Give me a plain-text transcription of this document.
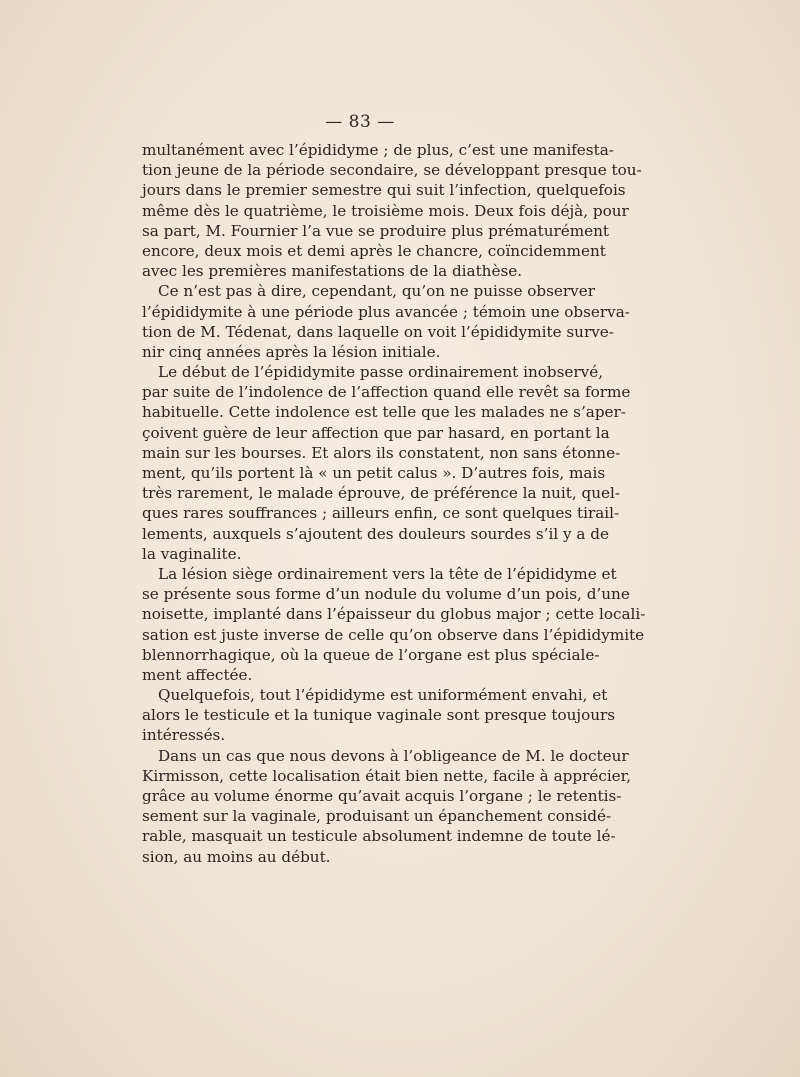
— 83 —
multanément avec l’épididyme ; de plus, c’est une manifesta-
tion jeune de la période secondaire, se développant presque tou-
jours dans le premier semestre qui suit l’infection, quelquefois
même dès le quatrième, le troisième mois. Deux fois déjà, pour
sa part, M. Fournier l’a vue se produire plus prématurément
encore, deux mois et demi après le chancre, coïncidemment
avec les premières manifestations de la diathèse.
Ce n’est pas à dire, cependant, qu’on ne puisse observer
l’épididymite à une période plus avancée ; témoin une observa-
tion de M. Tédenat, dans laquelle on voit l’épididymite surve-
nir cinq années après la lésion initiale.
Le début de l’épididymite passe ordinairement inobservé,
par suite de l’indolence de l’affection quand elle revêt sa forme
habituelle. Cette indolence est telle que les malades ne s’aper-
çoivent guère de leur affection que par hasard, en portant la
main sur les bourses. Et alors ils constatent, non sans étonne-
ment, qu’ils portent là « un petit calus ». D’autres fois, mais
très rarement, le malade éprouve, de préférence la nuit, quel-
ques rares souffrances ; ailleurs enfin, ce sont quelques tirail-
lements, auxquels s’ajoutent des douleurs sourdes s’il y a de
la vaginalite.
La lésion siège ordinairement vers la tête de l’épididyme et
se présente sous forme d’un nodule du volume d’un pois, d’une
noisette, implanté dans l’épaisseur du globus major ; cette locali-
sation est juste inverse de celle qu’on observe dans l’épididymite
blennorrhagique, où la queue de l’organe est plus spéciale-
ment affectée.
Quelquefois, tout l’épididyme est uniformément envahi, et
alors le testicule et la tunique vaginale sont presque toujours
intéressés.
Dans un cas que nous devons à l’obligeance de M. le docteur
Kirmisson, cette localisation était bien nette, facile à apprécier,
grâce au volume énorme qu’avait acquis l’organe ; le retentis-
sement sur la vaginale, produisant un épanchement considé-
rable, masquait un testicule absolument indemne de toute lé-
sion, au moins au début.
